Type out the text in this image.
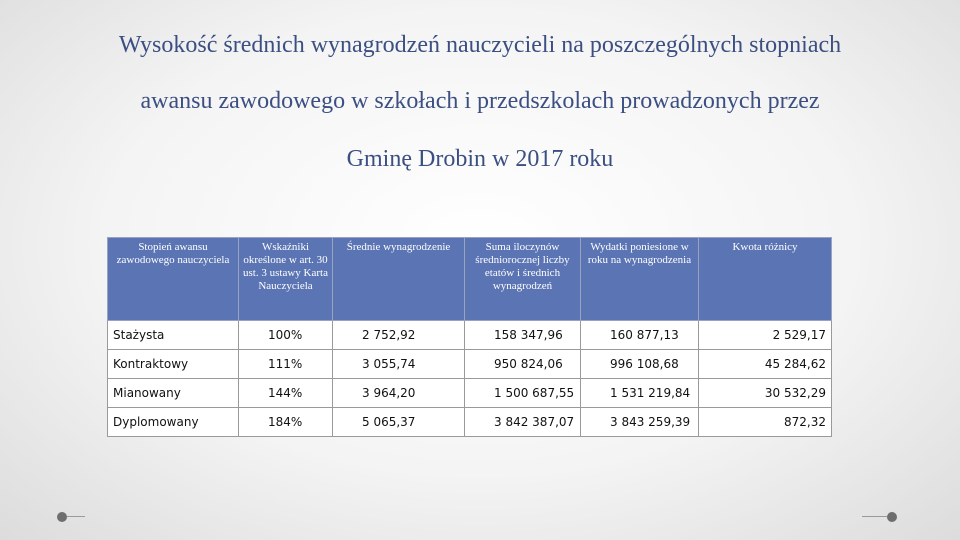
Wysokość średnich wynagrodzeń nauczycieli na poszczególnych stopniach
awansu zawodowego w szkołach i przedszkolach prowadzonych przez
Gminę Drobin w 2017 roku
Stopień awansu zawodowego nauczyciela	Wskaźniki określone w art. 30 ust. 3 ustawy Karta Nauczyciela	Średnie wynagrodzenie	Suma iloczynów średniorocznej liczby etatów i średnich wynagrodzeń	Wydatki poniesione w roku na wynagrodzenia	Kwota różnicy
Stażysta	100%	2 752,92	158 347,96	160 877,13	2 529,17
Kontraktowy	111%	3 055,74	950 824,06	996 108,68	45 284,62
Mianowany	144%	3 964,20	1 500 687,55	1 531 219,84	30 532,29
Dyplomowany	184%	5 065,37	3 842 387,07	3 843 259,39	872,32
